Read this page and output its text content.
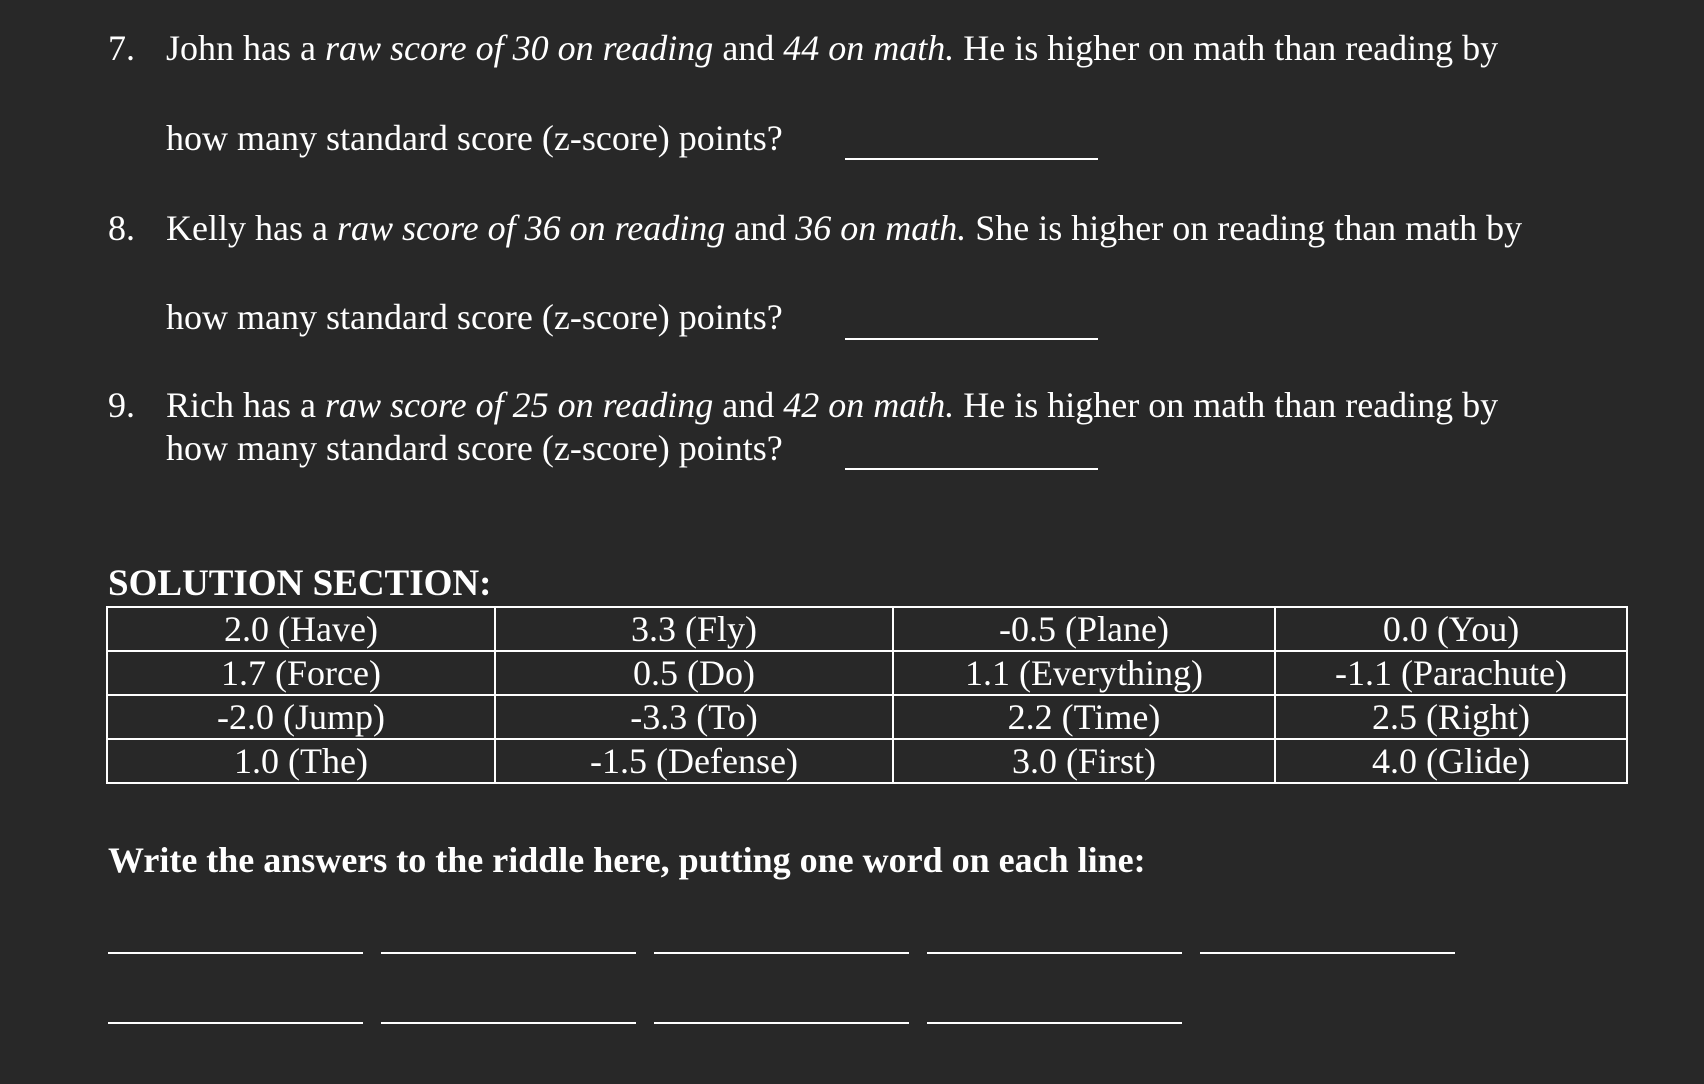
7. John has a raw score of 30 on reading and 44 on math. He is higher on math than reading by
how many standard score (z-score) points?
8. Kelly has a raw score of 36 on reading and 36 on math. She is higher on reading than math by
how many standard score (z-score) points?
9. Rich has a raw score of 25 on reading and 42 on math. He is higher on math than reading by
how many standard score (z-score) points?
SOLUTION SECTION:
2.0 (Have)	3.3 (Fly)	-0.5 (Plane)	0.0 (You)
1.7 (Force)	0.5 (Do)	1.1 (Everything)	-1.1 (Parachute)
-2.0 (Jump)	-3.3 (To)	2.2 (Time)	2.5 (Right)
1.0 (The)	-1.5 (Defense)	3.0 (First)	4.0 (Glide)
Write the answers to the riddle here, putting one word on each line:
